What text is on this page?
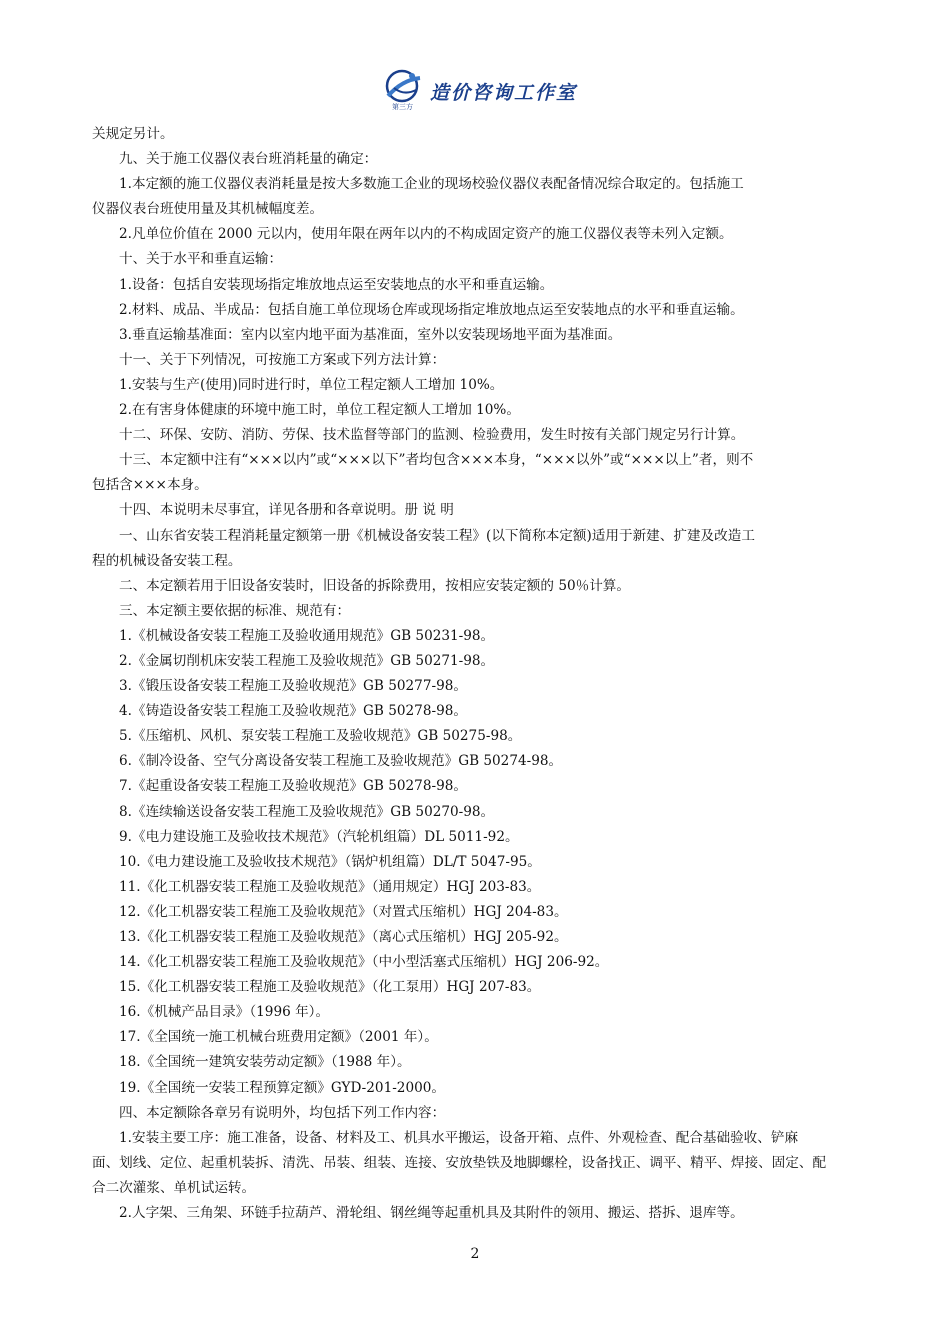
第三方
造价咨询工作室

关规定另计。

九、关于施工仪器仪表台班消耗量的确定：

1.本定额的施工仪器仪表消耗量是按大多数施工企业的现场校验仪器仪表配备情况综合取定的。包括施工

仪器仪表台班使用量及其机械幅度差。

2.凡单位价值在 2000 元以内，使用年限在两年以内的不构成固定资产的施工仪器仪表等未列入定额。

十、关于水平和垂直运输：

1.设备：包括自安装现场指定堆放地点运至安装地点的水平和垂直运输。

2.材料、成品、半成品：包括自施工单位现场仓库或现场指定堆放地点运至安装地点的水平和垂直运输。

3.垂直运输基准面：室内以室内地平面为基准面，室外以安装现场地平面为基准面。

十一、关于下列情况，可按施工方案或下列方法计算：

1.安装与生产(使用)同时进行时，单位工程定额人工增加 10%。

2.在有害身体健康的环境中施工时，单位工程定额人工增加 10%。

十二、环保、安防、消防、劳保、技术监督等部门的监测、检验费用，发生时按有关部门规定另行计算。

十三、本定额中注有“×××以内”或“×××以下”者均包含×××本身，“×××以外”或“×××以上”者，则不

包括含×××本身。

十四、本说明未尽事宜，详见各册和各章说明。册 说 明

一、山东省安装工程消耗量定额第一册《机械设备安装工程》(以下简称本定额)适用于新建、扩建及改造工

程的机械设备安装工程。

二、本定额若用于旧设备安装时，旧设备的拆除费用，按相应安装定额的 50％计算。

三、本定额主要依据的标准、规范有：

1.《机械设备安装工程施工及验收通用规范》GB 50231-98。

2.《金属切削机床安装工程施工及验收规范》GB 50271-98。

3.《锻压设备安装工程施工及验收规范》GB 50277-98。

4.《铸造设备安装工程施工及验收规范》GB 50278-98。

5.《压缩机、风机、泵安装工程施工及验收规范》GB 50275-98。

6.《制冷设备、空气分离设备安装工程施工及验收规范》GB 50274-98。

7.《起重设备安装工程施工及验收规范》GB 50278-98。

8.《连续输送设备安装工程施工及验收规范》GB 50270-98。

9.《电力建设施工及验收技术规范》（汽轮机组篇）DL 5011-92。

10.《电力建设施工及验收技术规范》（锅炉机组篇）DL/T 5047-95。

11.《化工机器安装工程施工及验收规范》（通用规定）HGJ 203-83。

12.《化工机器安装工程施工及验收规范》（对置式压缩机）HGJ 204-83。

13.《化工机器安装工程施工及验收规范》（离心式压缩机）HGJ 205-92。

14.《化工机器安装工程施工及验收规范》（中小型活塞式压缩机）HGJ 206-92。

15.《化工机器安装工程施工及验收规范》（化工泵用）HGJ 207-83。

16.《机械产品目录》（1996 年）。

17.《全国统一施工机械台班费用定额》（2001 年）。

18.《全国统一建筑安装劳动定额》（1988 年）。

19.《全国统一安装工程预算定额》GYD-201-2000。

四、本定额除各章另有说明外，均包括下列工作内容：

1.安装主要工序：施工准备，设备、材料及工、机具水平搬运，设备开箱、点件、外观检查、配合基础验收、铲麻

面、划线、定位、起重机装拆、清洗、吊装、组装、连接、安放垫铁及地脚螺栓，设备找正、调平、精平、焊接、固定、配

合二次灌浆、单机试运转。

2.人字架、三角架、环链手拉葫芦、滑轮组、钢丝绳等起重机具及其附件的领用、搬运、搭拆、退库等。

2
